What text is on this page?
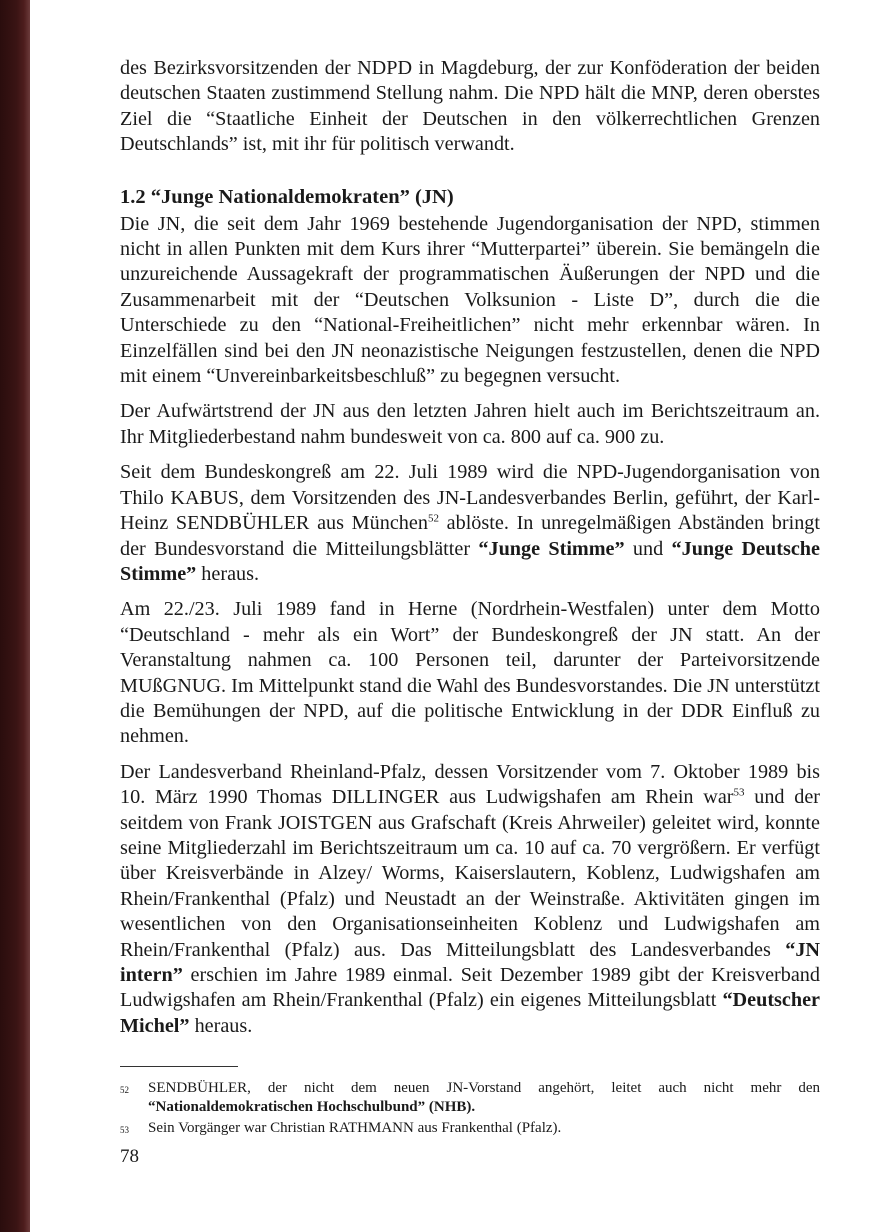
des Bezirksvorsitzenden der NDPD in Magdeburg, der zur Konföderation der beiden deutschen Staaten zustimmend Stellung nahm. Die NPD hält die MNP, deren oberstes Ziel die “Staatliche Einheit der Deutschen in den völkerrechtlichen Grenzen Deutschlands” ist, mit ihr für politisch verwandt.

1.2 “Junge Nationaldemokraten” (JN)

Die JN, die seit dem Jahr 1969 bestehende Jugendorganisation der NPD, stimmen nicht in allen Punkten mit dem Kurs ihrer “Mutterpartei” überein. Sie bemängeln die unzureichende Aussagekraft der programmatischen Äußerungen der NPD und die Zusammenarbeit mit der “Deutschen Volksunion - Liste D”, durch die die Unterschiede zu den “National-Freiheitlichen” nicht mehr erkennbar wären. In Einzelfällen sind bei den JN neonazistische Neigungen festzustellen, denen die NPD mit einem “Unvereinbarkeitsbeschluß” zu begegnen versucht.

Der Aufwärtstrend der JN aus den letzten Jahren hielt auch im Berichtszeitraum an. Ihr Mitgliederbestand nahm bundesweit von ca. 800 auf ca. 900 zu.

Seit dem Bundeskongreß am 22. Juli 1989 wird die NPD-Jugendorganisation von Thilo KABUS, dem Vorsitzenden des JN-Landesverbandes Berlin, geführt, der Karl-Heinz SENDBÜHLER aus München$^{52}$ ablöste. In unregelmäßigen Abständen bringt der Bundesvorstand die Mitteilungsblätter “Junge Stimme” und “Junge Deutsche Stimme” heraus.

Am 22./23. Juli 1989 fand in Herne (Nordrhein-Westfalen) unter dem Motto “Deutschland - mehr als ein Wort” der Bundeskongreß der JN statt. An der Veranstaltung nahmen ca. 100 Personen teil, darunter der Parteivorsitzende MUßGNUG. Im Mittelpunkt stand die Wahl des Bundesvorstandes. Die JN unterstützt die Bemühungen der NPD, auf die politische Entwicklung in der DDR Einfluß zu nehmen.

Der Landesverband Rheinland-Pfalz, dessen Vorsitzender vom 7. Oktober 1989 bis 10. März 1990 Thomas DILLINGER aus Ludwigshafen am Rhein war$^{53}$ und der seitdem von Frank JOISTGEN aus Grafschaft (Kreis Ahrweiler) geleitet wird, konnte seine Mitgliederzahl im Berichtszeitraum um ca. 10 auf ca. 70 vergrößern. Er verfügt über Kreisverbände in Alzey/ Worms, Kaiserslautern, Koblenz, Ludwigshafen am Rhein/Frankenthal (Pfalz) und Neustadt an der Weinstraße. Aktivitäten gingen im wesentlichen von den Organisationseinheiten Koblenz und Ludwigshafen am Rhein/Frankenthal (Pfalz) aus. Das Mitteilungsblatt des Landesverbandes “JN intern” erschien im Jahre 1989 einmal. Seit Dezember 1989 gibt der Kreisverband Ludwigshafen am Rhein/Frankenthal (Pfalz) ein eigenes Mitteilungsblatt “Deutscher Michel” heraus.

52	SENDBÜHLER, der nicht dem neuen JN-Vorstand angehört, leitet auch nicht mehr den “Nationaldemokratischen Hochschulbund” (NHB).
53	Sein Vorgänger war Christian RATHMANN aus Frankenthal (Pfalz).
78
